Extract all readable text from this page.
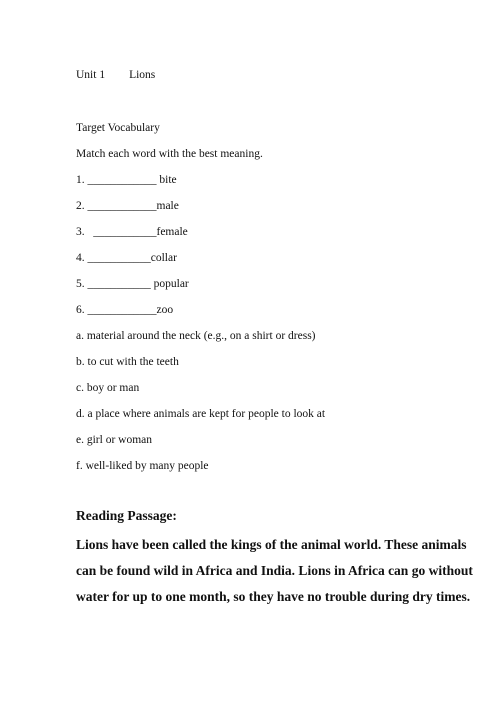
Unit 1 Lions

Target Vocabulary

Match each word with the best meaning.

1. ____________ bite
2. ____________male
3.   ___________female
4. ___________collar
5. ___________ popular
6. ____________zoo
a. material around the neck (e.g., on a shirt or dress)
b. to cut with the teeth
c. boy or man
d. a place where animals are kept for people to look at
e. girl or woman
f. well-liked by many people
Reading Passage:

Lions have been called the kings of the animal world. These animals
can be found wild in Africa and India. Lions in Africa can go without
water for up to one month, so they have no trouble during dry times.
